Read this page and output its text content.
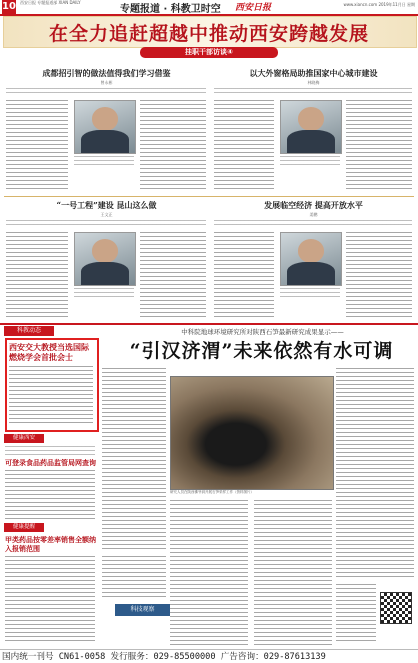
10 西安日报 专题报道部 XIAN DAILY
专题报道 · 科教卫时空 西安日报	www.xiancn.com 2019年11月日 星期
在全力追赶超越中推动西安跨越发展
挂职干部访谈④
成都招引智的做法值得我们学习借鉴
曾永彬
以大外窗格局助推国家中心城市建设
林晓梅
“一号工程”建设 昆山这么做
王文正
发展临空经济 提高开放水平
姜鹏
科教动态
西安交大教授当选国际燃烧学会首批会士
健康西安
可登录食品药品监管局网查询
健康提醒
甲类药品按零差率销售全额纳入报销范围
中科院地球环境研究所对陕西石笋最新研究成果显示——
“引汉济渭”未来依然有水可调
研究人员在陕西佛爷洞开展石笋采样工作（资料图片）
科技观察
国内统一刊号 CN61-0058 发行服务：029-85500000 广告咨询：029-87613139
